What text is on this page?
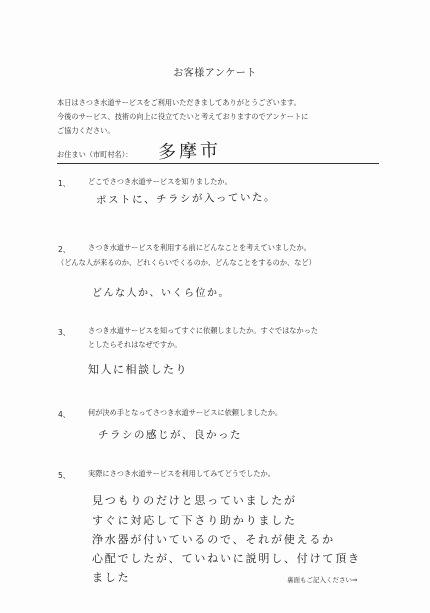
お客様アンケート
本日はさつき水道サービスをご利用いただきましてありがとうございます。
今後のサービス、技術の向上に役立てたいと考えておりますのでアンケートに
ご協力ください。
お住まい（市町村名）： 多摩市
1、 どこでさつき水道サービスを知りましたか。
ポストに、チラシが入っていた。
2、 さつき水道サービスを利用する前にどんなことを考えていましたか。
（どんな人が来るのか、どれくらいでくるのか、どんなことをするのか、など）
どんな人か、いくら位か。
3、 さつき水道サービスを知ってすぐに依頼しましたか。すぐではなかった
としたらそれはなぜですか。
知人に相談したり
4、 何が決め手となってさつき水道サービスに依頼しましたか。
チラシの感じが、良かった
5、 実際にさつき水道サービスを利用してみてどうでしたか。
見つもりのだけと思っていましたが
すぐに対応して下さり助かりました
浄水器が付いているので、それが使えるか
心配でしたが、ていねいに説明し、付けて頂き
ました	裏面もご記入ください⇒
